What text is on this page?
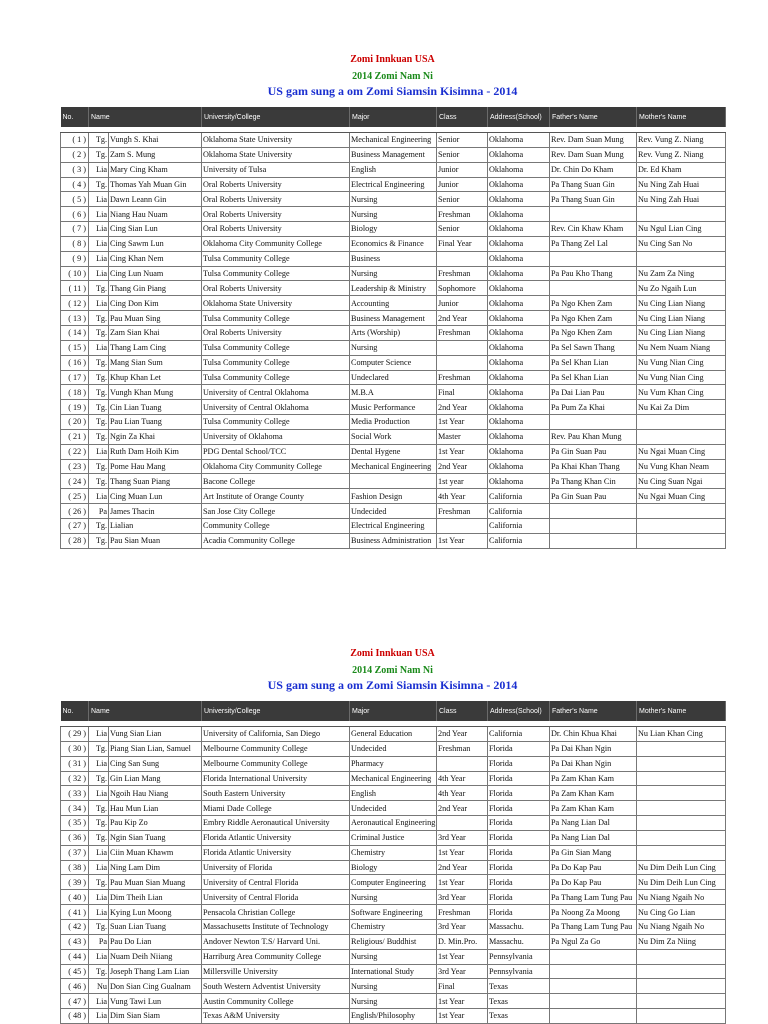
Zomi Innkuan USA
2014 Zomi Nam Ni
US gam sung a om Zomi Siamsin Kisimna - 2014
No.	Name		University/College	Major	Class	Address(School)	Father's Name	Mother's Name

( 1 )	Tg.	Vungh S. Khai	Oklahoma State University	Mechanical Engineering	Senior	Oklahoma	Rev. Dam Suan Mung	Rev. Vung Z. Niang
( 2 )	Tg.	Zam S. Mung	Oklahoma State University	Business Management	Senior	Oklahoma	Rev. Dam Suan Mung	Rev. Vung Z. Niang
( 3 )	Lia	Mary Cing Kham	University of Tulsa	English	Junior	Oklahoma	Dr. Chin Do Kham	Dr. Ed Kham
( 4 )	Tg.	Thomas Yah Muan Gin	Oral Roberts University	Electrical Engineering	Junior	Oklahoma	Pa Thang Suan Gin	Nu Ning Zah Huai
( 5 )	Lia	Dawn Leann Gin	Oral Roberts University	Nursing	Senior	Oklahoma	Pa Thang Suan Gin	Nu Ning Zah Huai
( 6 )	Lia	Niang Hau Nuam	Oral Roberts University	Nursing	Freshman	Oklahoma		
( 7 )	Lia	Cing Sian Lun	Oral Roberts University	Biology	Senior	Oklahoma	Rev. Cin Khaw Kham	Nu Ngul Lian Cing
( 8 )	Lia	Cing Sawm Lun	Oklahoma City Community College	Economics & Finance	Final Year	Oklahoma	Pa Thang Zel Lal	Nu Cing San No
( 9 )	Lia	Cing Khan Nem	Tulsa Community College	Business		Oklahoma		
( 10 )	Lia	Cing Lun Nuam	Tulsa Community College	Nursing	Freshman	Oklahoma	Pa Pau Kho Thang	Nu Zam Za Ning
( 11 )	Tg.	Thang Gin Piang	Oral Roberts University	Leadership & Ministry	Sophomore	Oklahoma		Nu Zo Ngaih Lun
( 12 )	Lia	Cing Don Kim	Oklahoma State University	Accounting	Junior	Oklahoma	Pa Ngo Khen Zam	Nu Cing Lian Niang
( 13 )	Tg.	Pau Muan Sing	Tulsa Community College	Business Management	2nd Year	Oklahoma	Pa Ngo Khen Zam	Nu Cing Lian Niang
( 14 )	Tg.	Zam Sian Khai	Oral Roberts University	Arts (Worship)	Freshman	Oklahoma	Pa Ngo Khen Zam	Nu Cing Lian Niang
( 15 )	Lia	Thang Lam Cing	Tulsa Community College	Nursing		Oklahoma	Pa Sel Sawn Thang	Nu Nem Nuam Niang
( 16 )	Tg.	Mang Sian Sum	Tulsa Community College	Computer Science		Oklahoma	Pa Sel Khan Lian	Nu Vung Nian Cing
( 17 )	Tg.	Khup Khan Let	Tulsa Community College	Undeclared	Freshman	Oklahoma	Pa Sel Khan Lian	Nu Vung Nian Cing
( 18 )	Tg.	Vungh Khan Mung	University of Central Oklahoma	M.B.A	Final	Oklahoma	Pa Dai Lian Pau	Nu Vum Khan Cing
( 19 )	Tg.	Cin Lian Tuang	University of Central Oklahoma	Music Performance	2nd Year	Oklahoma	Pa Pum Za Khai	Nu Kai Za Dim
( 20 )	Tg.	Pau Lian Tuang	Tulsa Community College	Media Production	1st Year	Oklahoma		
( 21 )	Tg.	Ngin Za Khai	University of Oklahoma	Social Work	Master	Oklahoma	Rev. Pau Khan Mung	
( 22 )	Lia	Ruth Dam Hoih Kim	PDG Dental School/TCC	Dental Hygene	1st Year	Oklahoma	Pa Gin Suan Pau	Nu Ngai Muan Cing
( 23 )	Tg.	Pome Hau Mang	Oklahoma City Community College	Mechanical Engineering	2nd Year	Oklahoma	Pa Khai Khan Thang	Nu Vung Khan Neam
( 24 )	Tg.	Thang Suan Piang	Bacone College		1st year	Oklahoma	Pa Thang Khan Cin	Nu Cing Suan Ngai
( 25 )	Lia	Cing Muan Lun	Art Institute of Orange County	Fashion Design	4th Year	California	Pa Gin Suan Pau	Nu Ngai Muan Cing
( 26 )	Pa	James Thacin	San Jose City College	Undecided	Freshman	California		
( 27 )	Tg.	Lialian	Community College	Electrical Engineering		California		
( 28 )	Tg.	Pau Sian Muan	Acadia Community College	Business Administration	1st Year	California		
Zomi Innkuan USA
2014 Zomi Nam Ni
US gam sung a om Zomi Siamsin Kisimna - 2014
No.	Name		University/College	Major	Class	Address(School)	Father's Name	Mother's Name

( 29 )	Lia	Vung Sian Lian	University of California, San Diego	General Education	2nd Year	California	Dr. Chin Khua Khai	Nu Lian Khan Cing
( 30 )	Tg.	Piang Sian Lian, Samuel	Melbourne Community College	Undecided	Freshman	Florida	Pa Dai Khan Ngin	
( 31 )	Lia	Cing San Sung	Melbourne Community College	Pharmacy		Florida	Pa Dai Khan Ngin	
( 32 )	Tg.	Gin Lian Mang	Florida International University	Mechanical Engineering	4th Year	Florida	Pa Zam Khan Kam	
( 33 )	Lia	Ngoih Hau Niang	South Eastern University	English	4th Year	Florida	Pa Zam Khan Kam	
( 34 )	Tg.	Hau Mun Lian	Miami Dade College	Undecided	2nd Year	Florida	Pa Zam Khan Kam	
( 35 )	Tg.	Pau Kip Zo	Embry Riddle Aeronautical University	Aeronautical Engineering		Florida	Pa Nang Lian Dal	
( 36 )	Tg.	Ngin Sian Tuang	Florida Atlantic University	Criminal Justice	3rd Year	Florida	Pa Nang Lian Dal	
( 37 )	Lia	Ciin Muan Khawm	Florida Atlantic University	Chemistry	1st Year	Florida	Pa Gin Sian Mang	
( 38 )	Lia	Ning Lam Dim	University of Florida	Biology	2nd Year	Florida	Pa Do Kap Pau	Nu Dim Deih Lun Cing
( 39 )	Tg.	Pau Muan Sian Muang	University of Central Florida	Computer Engineering	1st Year	Florida	Pa Do Kap Pau	Nu Dim Deih Lun Cing
( 40 )	Lia	Dim Theih Lian	University of Central Florida	Nursing	3rd Year	Florida	Pa Thang Lam Tung Pau	Nu Niang Ngaih No
( 41 )	Lia	Kying Lun Moong	Pensacola Christian College	Software Engineering	Freshman	Florida	Pa Noong Za Moong	Nu Cing Go Lian
( 42 )	Tg.	Suan Lian Tuang	Massachusetts Institute of Technology	Chemistry	3rd Year	Massachu.	Pa Thang Lam Tung Pau	Nu Niang Ngaih No
( 43 )	Pa	Pau Do Lian	Andover Newton T.S/ Harvard Uni.	Religious/ Buddhist	D. Min.Pro.	Massachu.	Pa Ngul Za Go	Nu Dim Za Niing
( 44 )	Lia	Nuam Deih Niiang	Harriburg Area Community College	Nursing	1st Year	Pennsylvania		
( 45 )	Tg.	Joseph Thang Lam Lian	Millersville University	International Study	3rd Year	Pennsylvania		
( 46 )	Nu	Don Sian Cing Gualnam	South Western Adventist University	Nursing	Final	Texas		
( 47 )	Lia	Vung Tawi Lun	Austin Community College	Nursing	1st Year	Texas		
( 48 )	Lia	Dim Sian Siam	Texas A&M University	English/Philosophy	1st Year	Texas		
